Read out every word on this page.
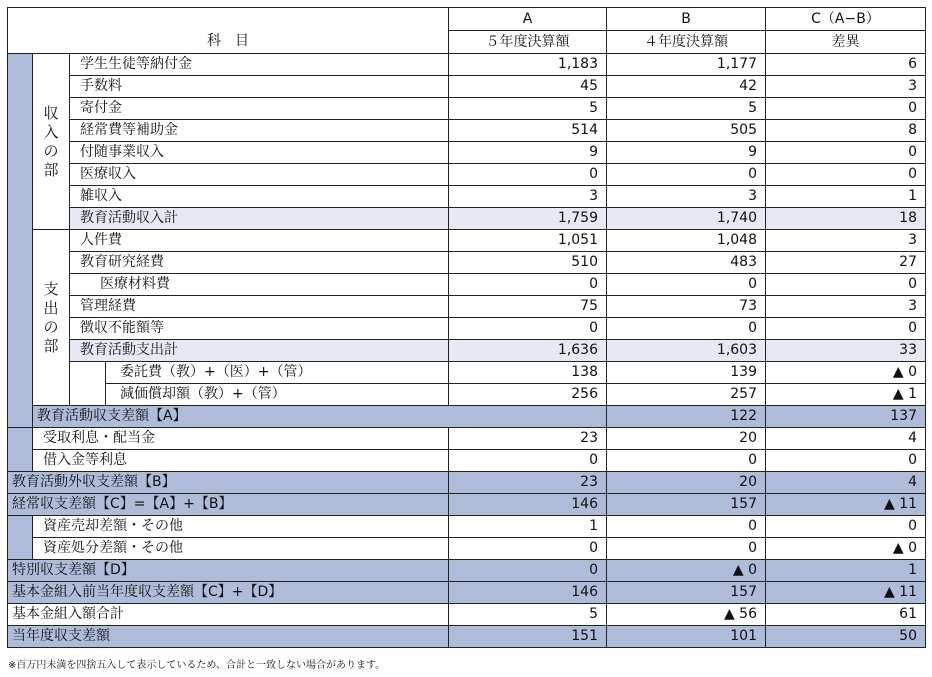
				A	B	C（A−B）	
科　目				５年度決算額	４年度決算額	差異	
	収入の部	学生生徒等納付金		1,183	1,177	6	
		手数料		45	42	3	
		寄付金		5	5	0	
		経常費等補助金		514	505	8	
		付随事業収入		9	9	0	
		医療収入		0	0	0	
		雑収入		3	3	1	
		教育活動収入計		1,759	1,740	18	
	支出の部	人件費		1,051	1,048	3	
		教育研究経費		510	483	27	
		医療材料費		0	0	0	
		管理経費		75	73	3	
		徴収不能額等		0	0	0	
		教育活動支出計		1,636	1,603	33	
			委託費（教）+（医）+（管）	138	139	▲ 0	
			減価償却額（教）+（管）	256	257	▲ 1	
	教育活動収支差額【A】				122	137	
	受取利息・配当金	23	20	4
	借入金等利息	0	0	0
教育活動外収支差額【B】		23	20	4
経常収支差額【C】=【A】+【B】		146	157	▲ 11
	資産売却差額・その他	1	0	0
	資産処分差額・その他	0	0	▲ 0
特別収支差額【D】		0	▲ 0	1
基本金組入前当年度収支差額【C】+【D】		146	157	▲ 11
基本金組入額合計		5	▲ 56	61
当年度収支差額		151	101	50
※百万円未満を四捨五入して表示しているため、合計と一致しない場合があります。
